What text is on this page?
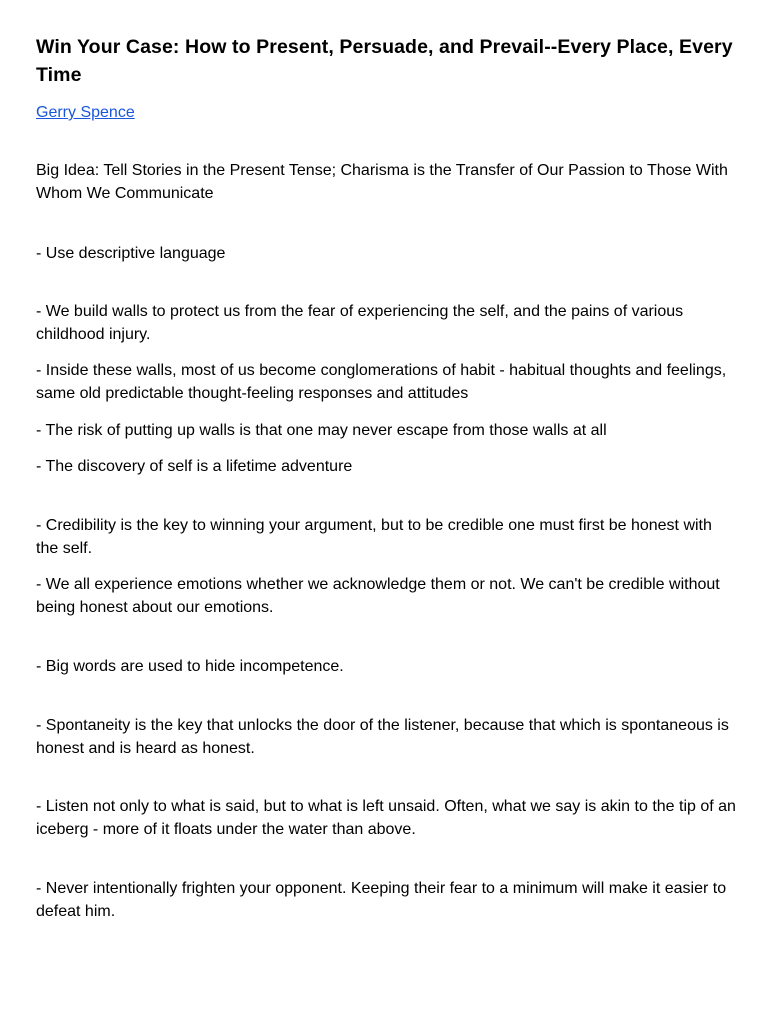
Win Your Case: How to Present, Persuade, and Prevail--Every Place, Every Time
Gerry Spence

Big Idea: Tell Stories in the Present Tense; Charisma is the Transfer of Our Passion to Those With Whom We Communicate

- Use descriptive language

- We build walls to protect us from the fear of experiencing the self, and the pains of various childhood injury.

- Inside these walls, most of us become conglomerations of habit - habitual thoughts and feelings, same old predictable thought-feeling responses and attitudes

- The risk of putting up walls is that one may never escape from those walls at all

- The discovery of self is a lifetime adventure

- Credibility is the key to winning your argument, but to be credible one must first be honest with the self.

- We all experience emotions whether we acknowledge them or not. We can't be credible without being honest about our emotions.

- Big words are used to hide incompetence.

- Spontaneity is the key that unlocks the door of the listener, because that which is spontaneous is honest and is heard as honest.

- Listen not only to what is said, but to what is left unsaid. Often, what we say is akin to the tip of an iceberg - more of it floats under the water than above.

- Never intentionally frighten your opponent. Keeping their fear to a minimum will make it easier to defeat him.
